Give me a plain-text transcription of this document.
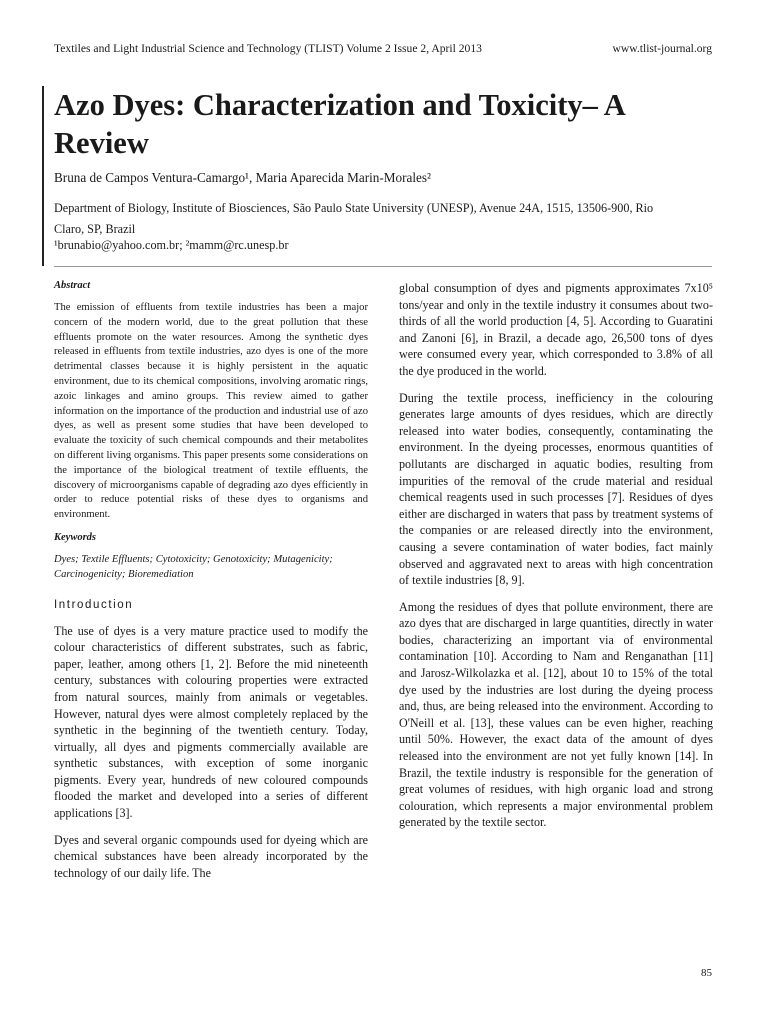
Textiles and Light Industrial Science and Technology (TLIST) Volume 2 Issue 2, April 2013	www.tlist-journal.org
Azo Dyes: Characterization and Toxicity– A Review
Bruna de Campos Ventura-Camargo¹, Maria Aparecida Marin-Morales²
Department of Biology, Institute of Biosciences, São Paulo State University (UNESP), Avenue 24A, 1515, 13506-900, Rio Claro, SP, Brazil
¹brunabio@yahoo.com.br; ²mamm@rc.unesp.br

Abstract

The emission of effluents from textile industries has been a major concern of the modern world, due to the great pollution that these effluents promote on the water resources. Among the synthetic dyes released in effluents from textile industries, azo dyes is one of the more detrimental classes because it is highly persistent in the aquatic environment, due to its chemical compositions, involving aromatic rings, azoic linkages and amino groups. This review aimed to gather information on the importance of the production and industrial use of azo dyes, as well as present some studies that have been developed to evaluate the toxicity of such chemical compounds and their metabolites on different living organisms. This paper presents some considerations on the importance of the biological treatment of textile effluents, the discovery of microorganisms capable of degrading azo dyes efficiently in order to reduce potential risks of these dyes to organisms and environment.

Keywords

Dyes; Textile Effluents; Cytotoxicity; Genotoxicity; Mutagenicity; Carcinogenicity; Bioremediation

Introduction

The use of dyes is a very mature practice used to modify the colour characteristics of different substrates, such as fabric, paper, leather, among others [1, 2]. Before the mid nineteenth century, substances with colouring properties were extracted from natural sources, mainly from animals or vegetables. However, natural dyes were almost completely replaced by the synthetic in the beginning of the twentieth century. Today, virtually, all dyes and pigments commercially available are synthetic substances, with exception of some inorganic pigments. Every year, hundreds of new coloured compounds flooded the market and developed into a series of different applications [3].

Dyes and several organic compounds used for dyeing which are chemical substances have been already incorporated by the technology of our daily life. The

global consumption of dyes and pigments approximates 7x10⁵ tons/year and only in the textile industry it consumes about two-thirds of all the world production [4, 5]. According to Guaratini and Zanoni [6], in Brazil, a decade ago, 26,500 tons of dyes were consumed every year, which corresponded to 3.8% of all the dye produced in the world.

During the textile process, inefficiency in the colouring generates large amounts of dyes residues, which are directly released into water bodies, consequently, contaminating the environment. In the dyeing processes, enormous quantities of pollutants are discharged in aquatic bodies, resulting from impurities of the removal of the crude material and residual chemical reagents used in such processes [7]. Residues of dyes either are discharged in waters that pass by treatment systems of the companies or are released directly into the environment, causing a severe contamination of water bodies, fact mainly observed and aggravated next to areas with high concentration of textile industries [8, 9].

Among the residues of dyes that pollute environment, there are azo dyes that are discharged in large quantities, directly in water bodies, characterizing an important via of environmental contamination [10]. According to Nam and Renganathan [11] and Jarosz-Wilkolazka et al. [12], about 10 to 15% of the total dye used by the industries are lost during the dyeing process and, thus, are being released into the environment. According to O'Neill et al. [13], these values can be even higher, reaching until 50%. However, the exact data of the amount of dyes released into the environment are not yet fully known [14]. In Brazil, the textile industry is responsible for the generation of great volumes of residues, with high organic load and strong colouration, which represents a major environmental problem generated by the textile sector.

85
